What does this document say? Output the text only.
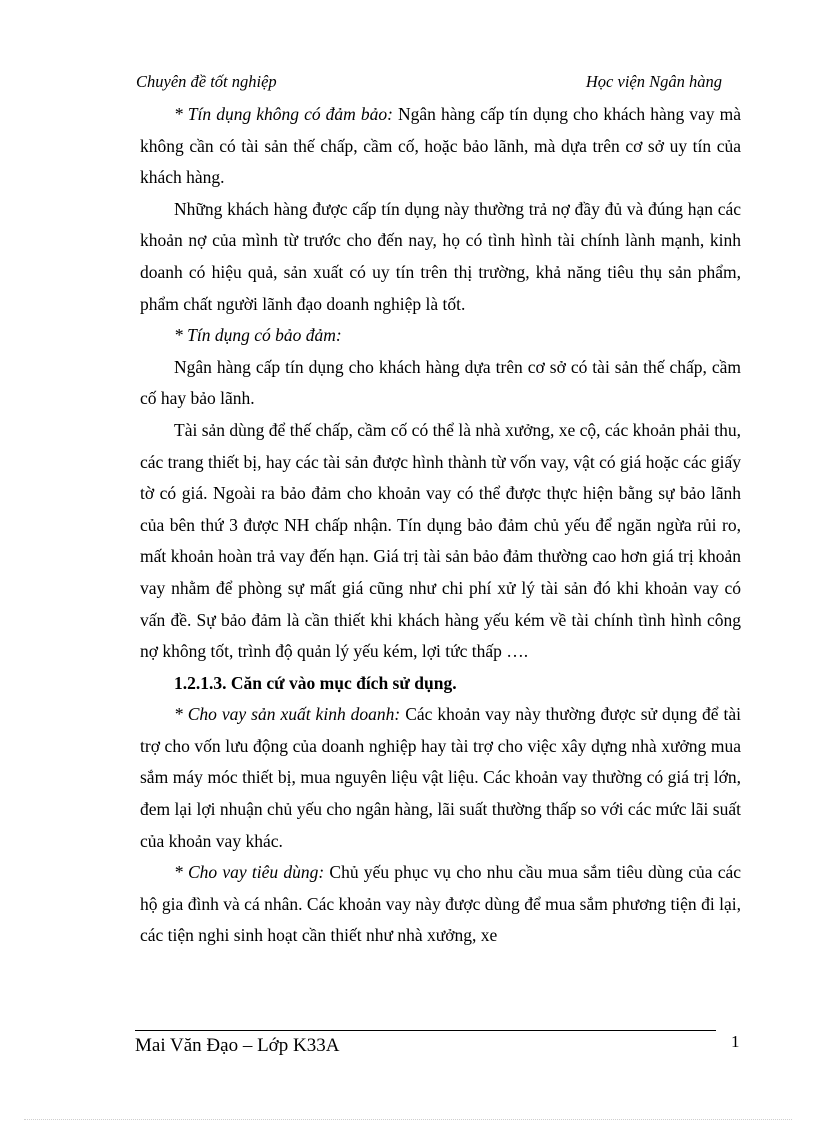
Chuyên đề tốt nghiệp	Học viện Ngân hàng

* Tín dụng không có đảm bảo: Ngân hàng cấp tín dụng cho khách hàng vay mà không cần có tài sản thế chấp, cầm cố, hoặc bảo lãnh, mà dựa trên cơ sở uy tín của khách hàng.

Những khách hàng được cấp tín dụng này thường trả nợ đầy đủ và đúng hạn các khoản nợ của mình từ trước cho đến nay, họ có tình hình tài chính lành mạnh, kinh doanh có hiệu quả, sản xuất có uy tín trên thị trường, khả năng tiêu thụ sản phẩm, phẩm chất người lãnh đạo doanh nghiệp là tốt.

* Tín dụng có bảo đảm:

Ngân hàng cấp tín dụng cho khách hàng dựa trên cơ sở có tài sản thế chấp, cầm cố hay bảo lãnh.

Tài sản dùng để thế chấp, cầm cố có thể là nhà xưởng, xe cộ, các khoản phải thu, các trang thiết bị, hay các tài sản được hình thành từ vốn vay, vật có giá hoặc các giấy tờ có giá. Ngoài ra bảo đảm cho khoản vay có thể được thực hiện bằng sự bảo lãnh của bên thứ 3 được NH chấp nhận. Tín dụng bảo đảm chủ yếu để ngăn ngừa rủi ro, mất khoản hoàn trả vay đến hạn. Giá trị tài sản bảo đảm thường cao hơn giá trị khoản vay nhằm để phòng sự mất giá cũng như chi phí xử lý tài sản đó khi khoản vay có vấn đề. Sự bảo đảm là cần thiết khi khách hàng yếu kém về tài chính tình hình công nợ không tốt, trình độ quản lý yếu kém, lợi tức thấp ….

1.2.1.3. Căn cứ vào mục đích sử dụng.

* Cho vay sản xuất kinh doanh: Các khoản vay này thường được sử dụng để tài trợ cho vốn lưu động của doanh nghiệp hay tài trợ cho việc xây dựng nhà xưởng mua sắm máy móc thiết bị, mua nguyên liệu vật liệu. Các khoản vay thường có giá trị lớn, đem lại lợi nhuận chủ yếu cho ngân hàng, lãi suất thường thấp so với các mức lãi suất của khoản vay khác.

* Cho vay tiêu dùng: Chủ yếu phục vụ cho nhu cầu mua sắm tiêu dùng của các hộ gia đình và cá nhân. Các khoản vay này được dùng để mua sắm phương tiện đi lại, các tiện nghi sinh hoạt cần thiết như nhà xưởng, xe

Mai Văn Đạo – Lớp K33A	1
